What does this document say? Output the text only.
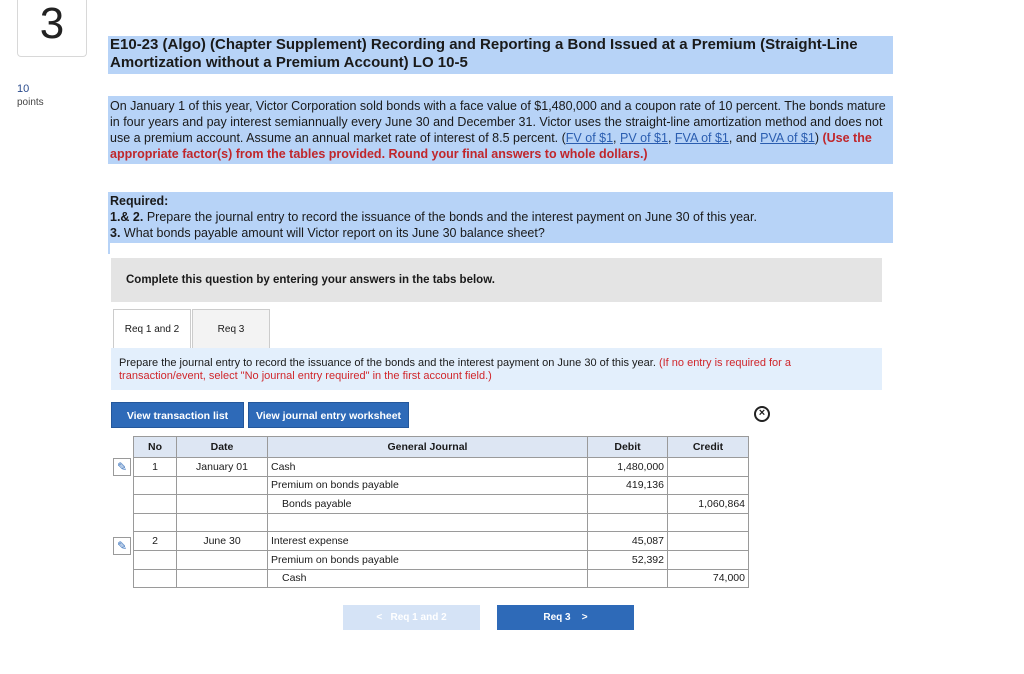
3
10
points
E10-23 (Algo) (Chapter Supplement) Recording and Reporting a Bond Issued at a Premium (Straight-Line Amortization without a Premium Account) LO 10-5
On January 1 of this year, Victor Corporation sold bonds with a face value of $1,480,000 and a coupon rate of 10 percent. The bonds mature in four years and pay interest semiannually every June 30 and December 31. Victor uses the straight-line amortization method and does not use a premium account. Assume an annual market rate of interest of 8.5 percent. (FV of $1, PV of $1, FVA of $1, and PVA of $1) (Use the appropriate factor(s) from the tables provided. Round your final answers to whole dollars.)
Required:
1.& 2. Prepare the journal entry to record the issuance of the bonds and the interest payment on June 30 of this year.
3. What bonds payable amount will Victor report on its June 30 balance sheet?
Complete this question by entering your answers in the tabs below.
Req 1 and 2	Req 3
Prepare the journal entry to record the issuance of the bonds and the interest payment on June 30 of this year. (If no entry is required for a transaction/event, select "No journal entry required" in the first account field.)
View transaction list	View journal entry worksheet	×
✎
✎
No	Date	General Journal	Debit	Credit
1	January 01	Cash	1,480,000	
		Premium on bonds payable	419,136	
		Bonds payable		1,060,864

2	June 30	Interest expense	45,087	
		Premium on bonds payable	52,392	
		Cash		74,000
< Req 1 and 2	Req 3 >
